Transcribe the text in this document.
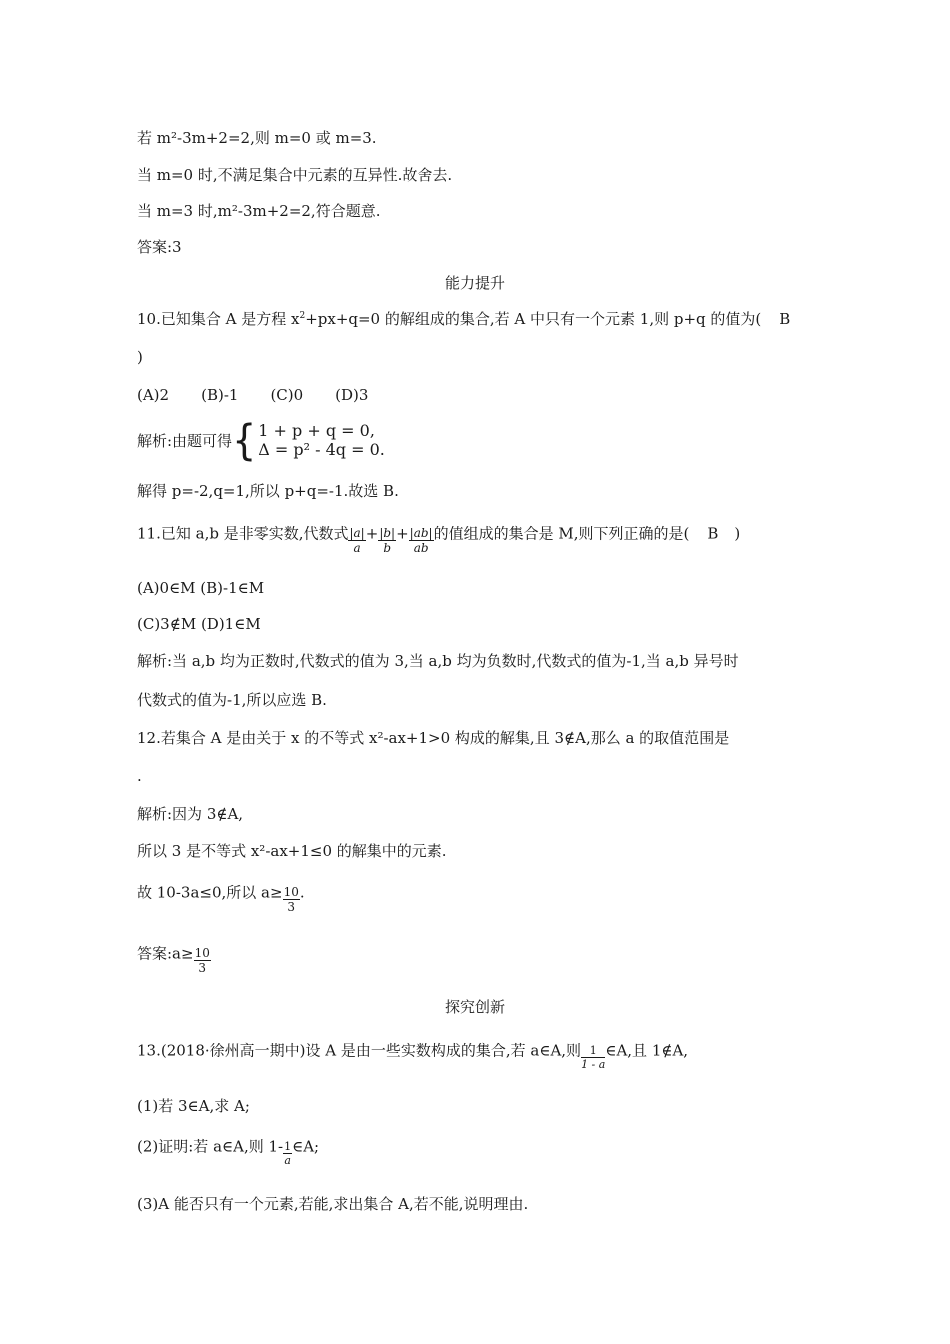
若 m²-3m+2=2,则 m=0 或 m=3.
当 m=0 时,不满足集合中元素的互异性.故舍去.
当 m=3 时,m²-3m+2=2,符合题意.
答案:3
能力提升
10.已知集合 A 是方程 $x^2+px+q=0$ 的解组成的集合,若 A 中只有一个元素 1,则 p+q 的值为( B
)
(A)2 (B)-1 (C)0 (D)3
解析:由题可得 { 1 + p + q = 0,
Δ = p² - 4q = 0.
解得 p=-2,q=1,所以 p+q=-1.故选 B.
11.已知 a,b 是非零实数,代数式 $\frac{|a|}{a} + \frac{|b|}{b} + \frac{|ab|}{ab}$ 的值组成的集合是 M,则下列正确的是( B )
(A)0∈M (B)-1∈M
(C)3∉M (D)1∈M
解析:当 a,b 均为正数时,代数式的值为 3,当 a,b 均为负数时,代数式的值为-1,当 a,b 异号时
代数式的值为-1,所以应选 B.
12.若集合 A 是由关于 x 的不等式 x²-ax+1>0 构成的解集,且 3∉A,那么 a 的取值范围是
.
解析:因为 3∉A,
所以 3 是不等式 x²-ax+1≤0 的解集中的元素.
故 10-3a≤0,所以 $a\ge \frac{10}{3}$ .
答案:a≥ $\frac{10}{3}$
探究创新
13.(2018·徐州高一期中)设 A 是由一些实数构成的集合,若 a∈A,则 $\frac{1}{1 - a}$ ∈A,且 1∉A,
(1)若 3∈A,求 A;
(2)证明:若 a∈A,则 $1- \frac{1}{a}$ ∈A;
(3)A 能否只有一个元素,若能,求出集合 A,若不能,说明理由.
